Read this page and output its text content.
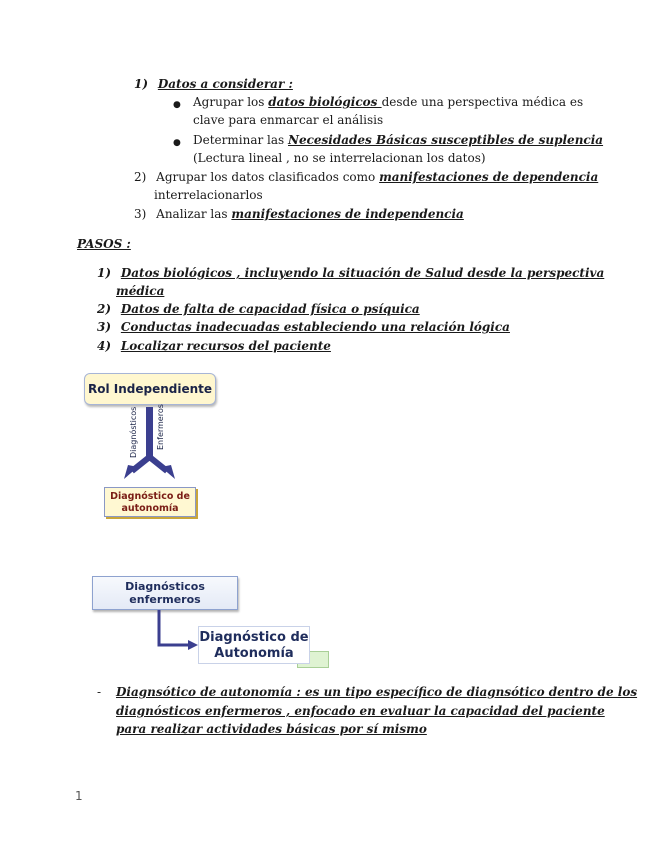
1) Datos a considerar :
● Agrupar los datos biológicos desde una perspectiva médica es
clave para enmarcar el análisis
● Determinar las Necesidades Básicas susceptibles de suplencia
(Lectura lineal , no se interrelacionan los datos)
2) Agrupar los datos clasificados como manifestaciones de dependencia
interrelacionarlos
3) Analizar las manifestaciones de independencia
PASOS :
1) Datos biológicos , incluyendo la situación de Salud desde la perspectiva
médica
2) Datos de falta de capacidad física o psíquica
3) Conductas inadecuadas estableciendo una relación lógica
4) Localizar recursos del paciente
Rol Independiente
Diagnósticos Enfermeros
Diagnóstico de
autonomía
Diagnósticos
enfermeros
Diagnóstico de
Autonomía
- Diagnsótico de autonomía : es un tipo específico de diagnsótico dentro de los
diagnósticos enfermeros , enfocado en evaluar la capacidad del paciente
para realizar actividades básicas por sí mismo
1
